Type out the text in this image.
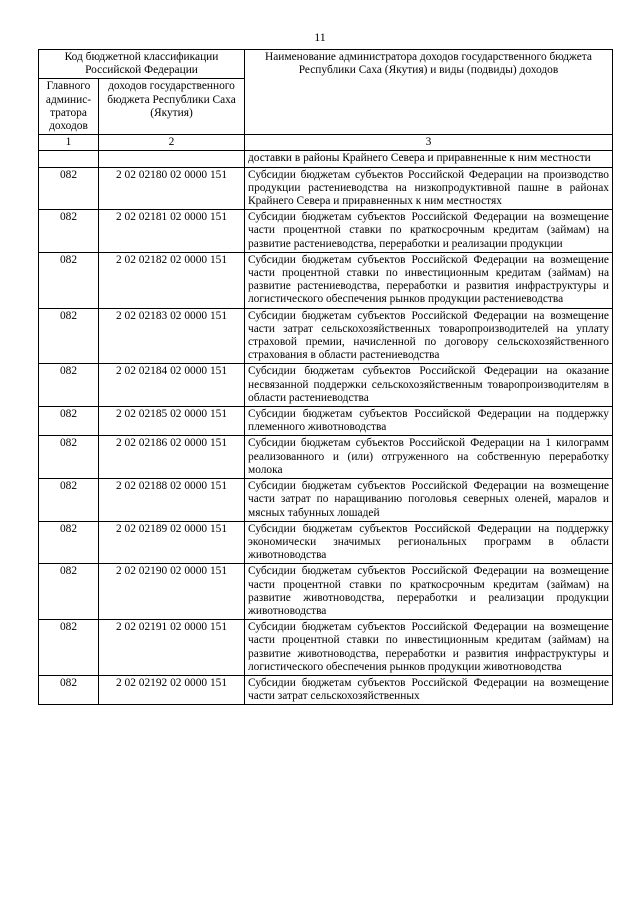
11
Код бюджетной классификации Российской Федерации		Наименование администратора доходов государственного бюджета Республики Саха (Якутия) и виды (подвиды) доходов
Главного админис-тратора доходов	доходов государственного бюджета Республики Саха (Якутия)	
1	2	3
		доставки в районы Крайнего Севера и приравненные к ним местности
082	2 02 02180 02 0000 151	Субсидии бюджетам субъектов Российской Федерации на производство продукции растениеводства на низкопродуктивной пашне в районах Крайнего Севера и приравненных к ним местностях
082	2 02 02181 02 0000 151	Субсидии бюджетам субъектов Российской Федерации на возмещение части процентной ставки по краткосрочным кредитам (займам) на развитие растениеводства, переработки и реализации продукции
082	2 02 02182 02 0000 151	Субсидии бюджетам субъектов Российской Федерации на возмещение части процентной ставки по инвестиционным кредитам (займам) на развитие растениеводства, переработки и развития инфраструктуры и логистического обеспечения рынков продукции растениеводства
082	2 02 02183 02 0000 151	Субсидии бюджетам субъектов Российской Федерации на возмещение части затрат сельскохозяйственных товаропроизводителей на уплату страховой премии, начисленной по договору сельскохозяйственного страхования в области растениеводства
082	2 02 02184 02 0000 151	Субсидии бюджетам субъектов Российской Федерации на оказание несвязанной поддержки сельскохозяйственным товаропроизводителям в области растениеводства
082	2 02 02185 02 0000 151	Субсидии бюджетам субъектов Российской Федерации на поддержку племенного животноводства
082	2 02 02186 02 0000 151	Субсидии бюджетам субъектов Российской Федерации на 1 килограмм реализованного и (или) отгруженного на собственную переработку молока
082	2 02 02188 02 0000 151	Субсидии бюджетам субъектов Российской Федерации на возмещение части затрат по наращиванию поголовья северных оленей, маралов и мясных табунных лошадей
082	2 02 02189 02 0000 151	Субсидии бюджетам субъектов Российской Федерации на поддержку экономически значимых региональных программ в области животноводства
082	2 02 02190 02 0000 151	Субсидии бюджетам субъектов Российской Федерации на возмещение части процентной ставки по краткосрочным кредитам (займам) на развитие животноводства, переработки и реализации продукции животноводства
082	2 02 02191 02 0000 151	Субсидии бюджетам субъектов Российской Федерации на возмещение части процентной ставки по инвестиционным кредитам (займам) на развитие животноводства, переработки и развития инфраструктуры и логистического обеспечения рынков продукции животноводства
082	2 02 02192 02 0000 151	Субсидии бюджетам субъектов Российской Федерации на возмещение части затрат сельскохозяйственных
